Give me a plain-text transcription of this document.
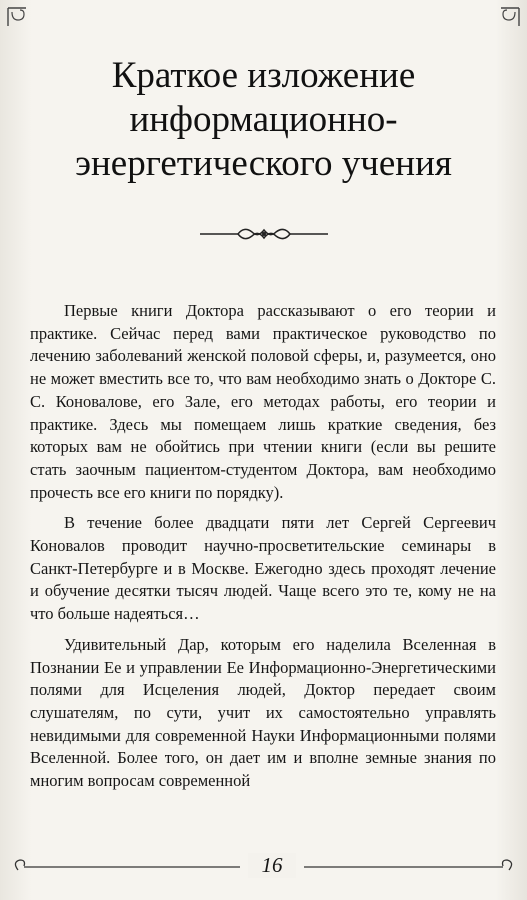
Краткое изложение
информационно-
энергетического учения

Первые книги Доктора рассказывают о его теории и практике. Сейчас перед вами практическое руководство по лечению заболеваний женской половой сферы, и, разумеется, оно не может вместить все то, что вам необходимо знать о Докторе С. С. Коновалове, его Зале, его методах работы, его теории и практике. Здесь мы помещаем лишь краткие сведения, без которых вам не обойтись при чтении книги (если вы решите стать заочным пациентом-студентом Доктора, вам необходимо прочесть все его книги по порядку).

В течение более двадцати пяти лет Сергей Сергеевич Коновалов проводит научно-просветительские семинары в Санкт-Петербурге и в Москве. Ежегодно здесь проходят лечение и обучение десятки тысяч людей. Чаще всего это те, кому не на что больше надеяться…

Удивительный Дар, которым его наделила Вселенная в Познании Ее и управлении Ее Информационно-Энергетическими полями для Исцеления людей, Доктор передает своим слушателям, по сути, учит их самостоятельно управлять невидимыми для современной Науки Информационными полями Вселенной. Более того, он дает им и вполне земные знания по многим вопросам современной

16
